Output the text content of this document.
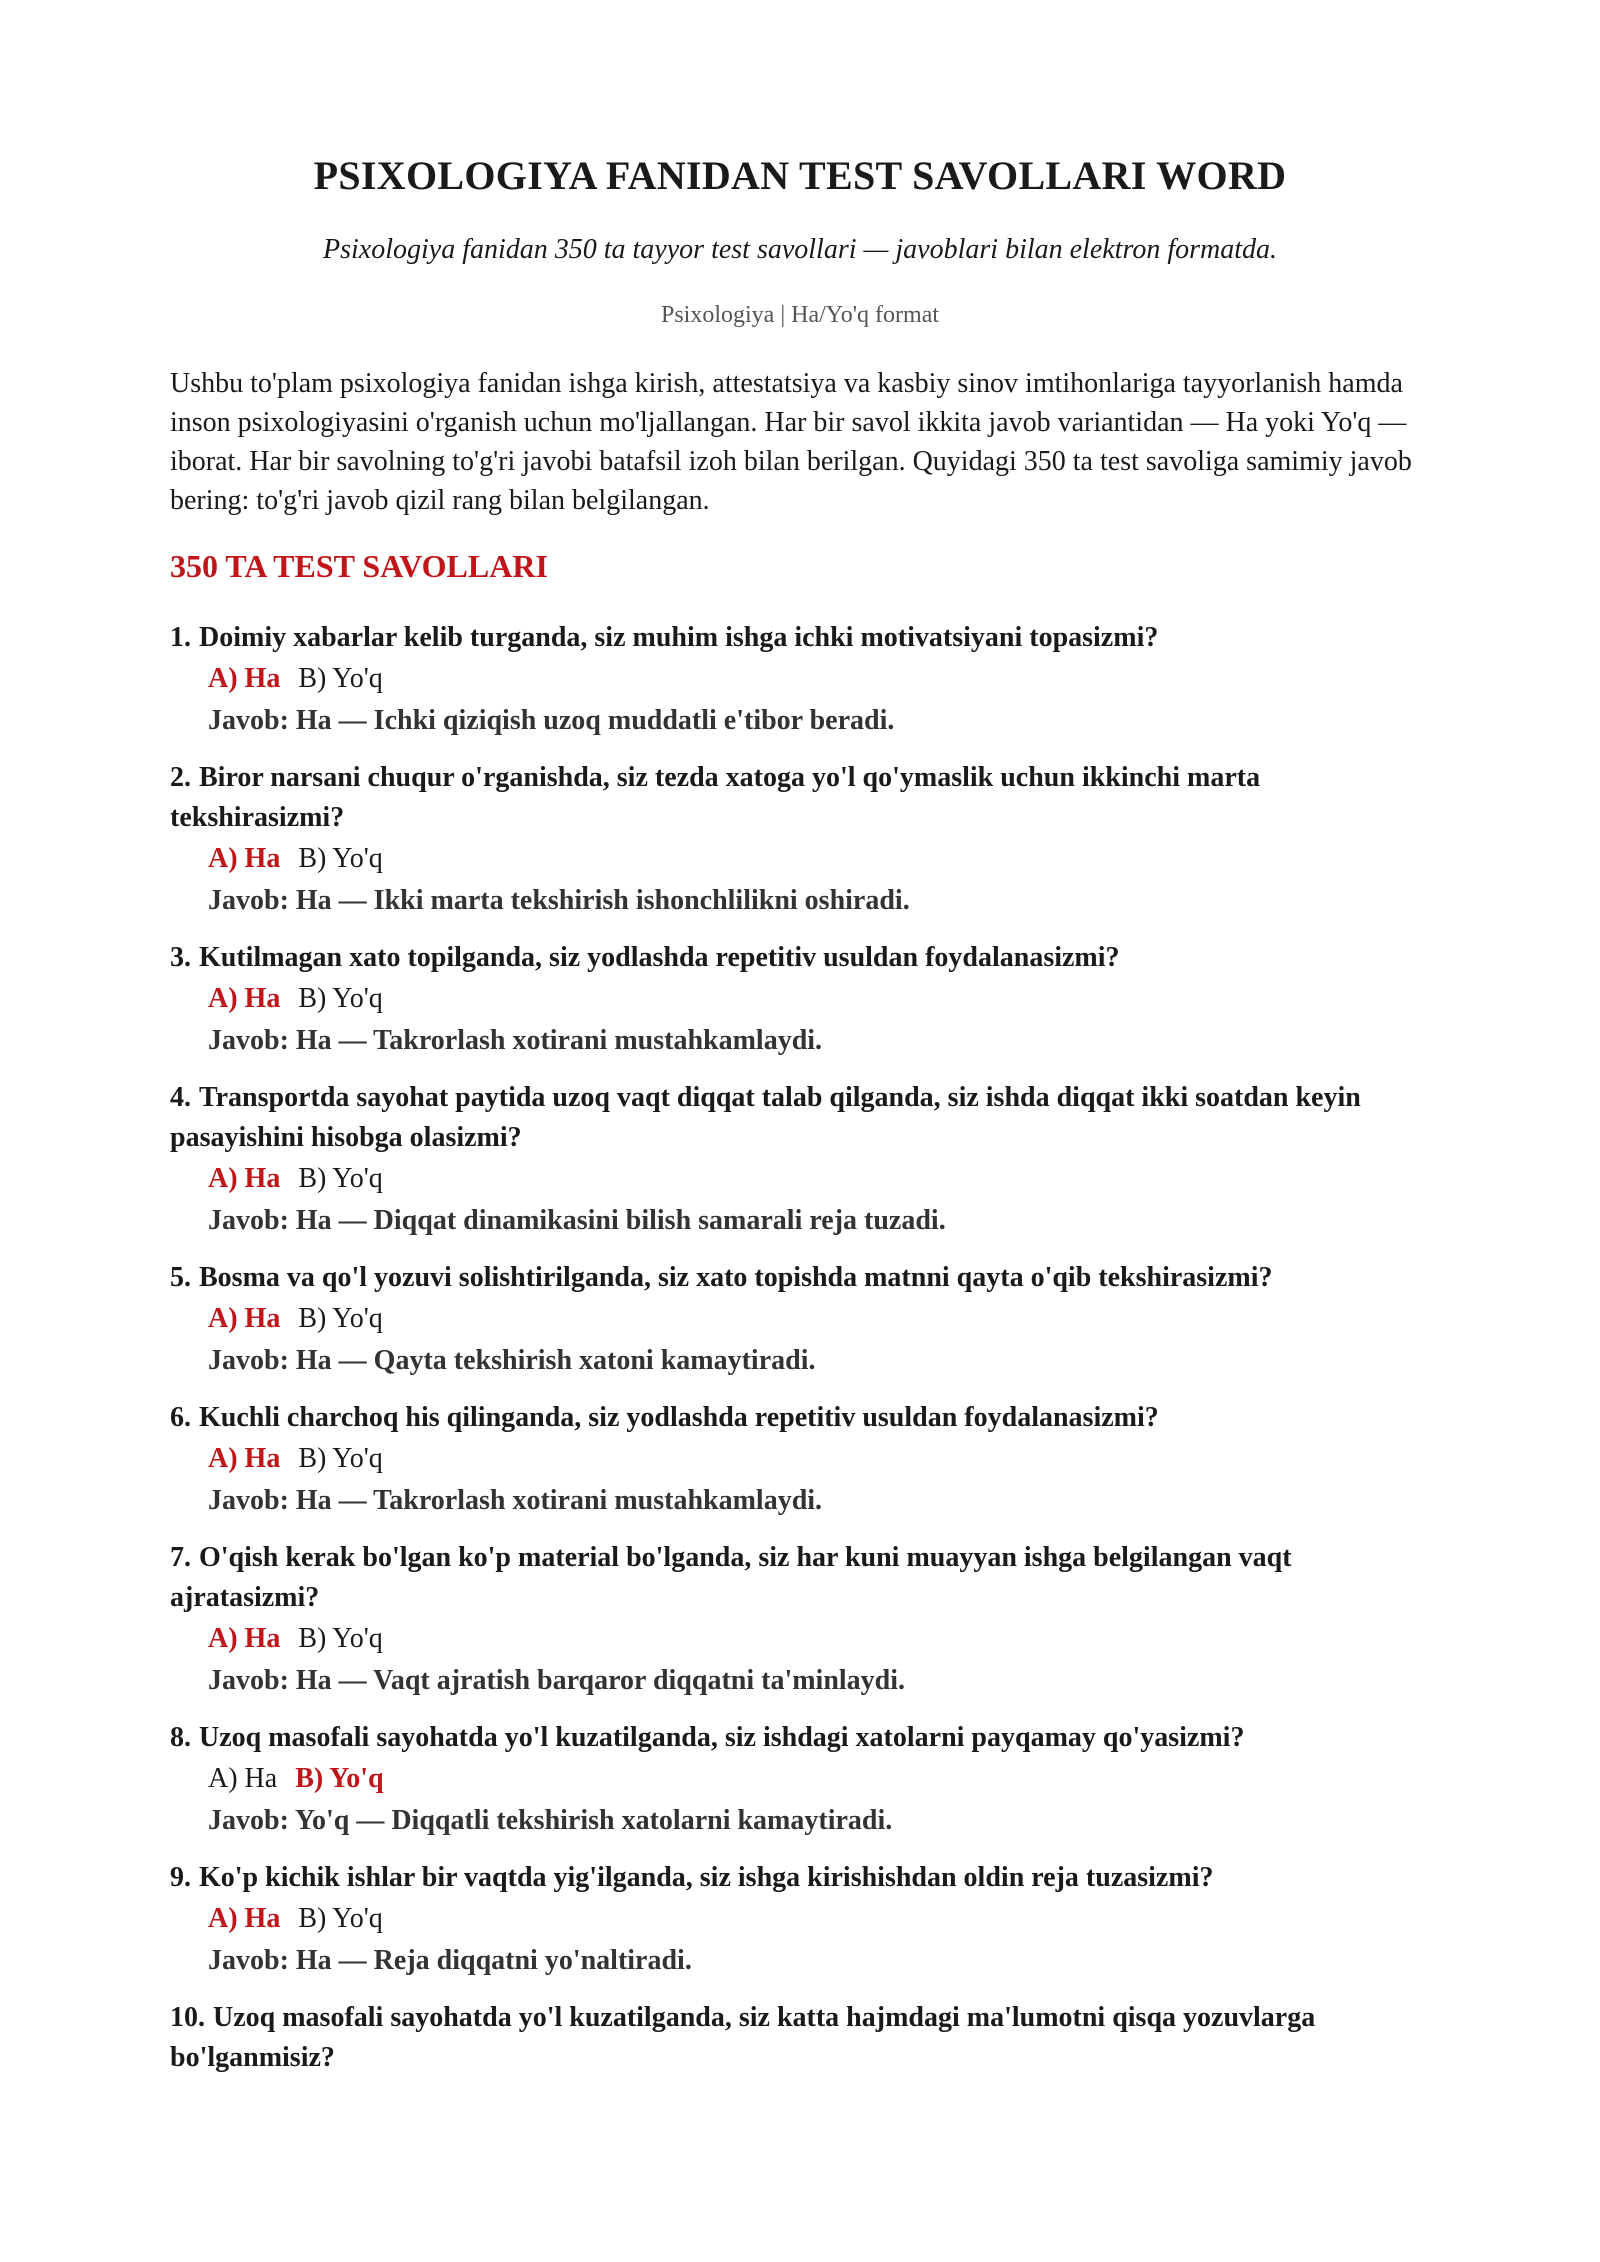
PSIXOLOGIYA FANIDAN TEST SAVOLLARI WORD
Psixologiya fanidan 350 ta tayyor test savollari — javoblari bilan elektron formatda.
Psixologiya | Ha/Yo'q format
Ushbu to'plam psixologiya fanidan ishga kirish, attestatsiya va kasbiy sinov imtihonlariga tayyorlanish hamda inson psixologiyasini o'rganish uchun mo'ljallangan. Har bir savol ikkita javob variantidan — Ha yoki Yo'q — iborat. Har bir savolning to'g'ri javobi batafsil izoh bilan berilgan. Quyidagi 350 ta test savoliga samimiy javob bering: to'g'ri javob qizil rang bilan belgilangan.
350 TA TEST SAVOLLARI
1. Doimiy xabarlar kelib turganda, siz muhim ishga ichki motivatsiyani topasizmi?
A) Ha B) Yo'q
Javob: Ha — Ichki qiziqish uzoq muddatli e'tibor beradi.
2. Biror narsani chuqur o'rganishda, siz tezda xatoga yo'l qo'ymaslik uchun ikkinchi marta tekshirasizmi?
A) Ha B) Yo'q
Javob: Ha — Ikki marta tekshirish ishonchlilikni oshiradi.
3. Kutilmagan xato topilganda, siz yodlashda repetitiv usuldan foydalanasizmi?
A) Ha B) Yo'q
Javob: Ha — Takrorlash xotirani mustahkamlaydi.
4. Transportda sayohat paytida uzoq vaqt diqqat talab qilganda, siz ishda diqqat ikki soatdan keyin pasayishini hisobga olasizmi?
A) Ha B) Yo'q
Javob: Ha — Diqqat dinamikasini bilish samarali reja tuzadi.
5. Bosma va qo'l yozuvi solishtirilganda, siz xato topishda matnni qayta o'qib tekshirasizmi?
A) Ha B) Yo'q
Javob: Ha — Qayta tekshirish xatoni kamaytiradi.
6. Kuchli charchoq his qilinganda, siz yodlashda repetitiv usuldan foydalanasizmi?
A) Ha B) Yo'q
Javob: Ha — Takrorlash xotirani mustahkamlaydi.
7. O'qish kerak bo'lgan ko'p material bo'lganda, siz har kuni muayyan ishga belgilangan vaqt ajratasizmi?
A) Ha B) Yo'q
Javob: Ha — Vaqt ajratish barqaror diqqatni ta'minlaydi.
8. Uzoq masofali sayohatda yo'l kuzatilganda, siz ishdagi xatolarni payqamay qo'yasizmi?
A) Ha B) Yo'q
Javob: Yo'q — Diqqatli tekshirish xatolarni kamaytiradi.
9. Ko'p kichik ishlar bir vaqtda yig'ilganda, siz ishga kirishishdan oldin reja tuzasizmi?
A) Ha B) Yo'q
Javob: Ha — Reja diqqatni yo'naltiradi.
10. Uzoq masofali sayohatda yo'l kuzatilganda, siz katta hajmdagi ma'lumotni qisqa yozuvlarga bo'lganmisiz?
